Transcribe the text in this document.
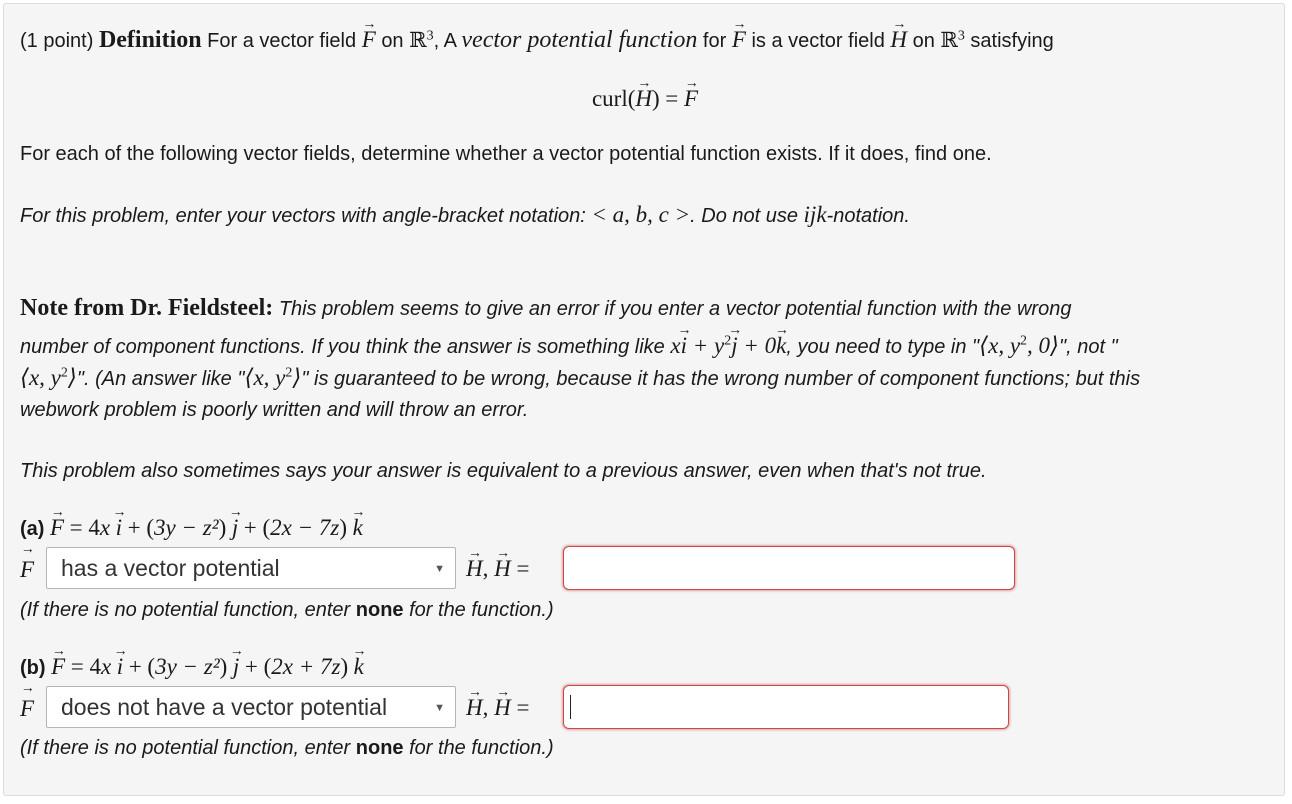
(1 point) Definition For a vector field F → on ℝ$^3$, A vector potential function for F → is a vector field H → on ℝ$^3$ satisfying
curl(H →) = F →
For each of the following vector fields, determine whether a vector potential function exists. If it does, find one.
For this problem, enter your vectors with angle-bracket notation: < a, b, c >. Do not use ijk-notation.
Note from Dr. Fieldsteel: This problem seems to give an error if you enter a vector potential function with the wrong
number of component functions. If you think the answer is something like xi → + $y^2j$ → + 0k →, you need to type in "⟨x, $y^2$, 0⟩", not "
⟨x, $y^2⟩$". (An answer like "⟨x, $y^2⟩$" is guaranteed to be wrong, because it has the wrong number of component functions; but this
webwork problem is poorly written and will throw an error.
This problem also sometimes says your answer is equivalent to a previous answer, even when that's not true.
(a) F → = 4x i → + (3y − z²) j → + (2x − 7z) k →
F →	has a vector potential	▼ H →, H → =
(If there is no potential function, enter none for the function.)
(b) F → = 4x i → + (3y − z²) j → + (2x + 7z) k →
F →	does not have a vector potential	▼ H →, H → =
(If there is no potential function, enter none for the function.)
